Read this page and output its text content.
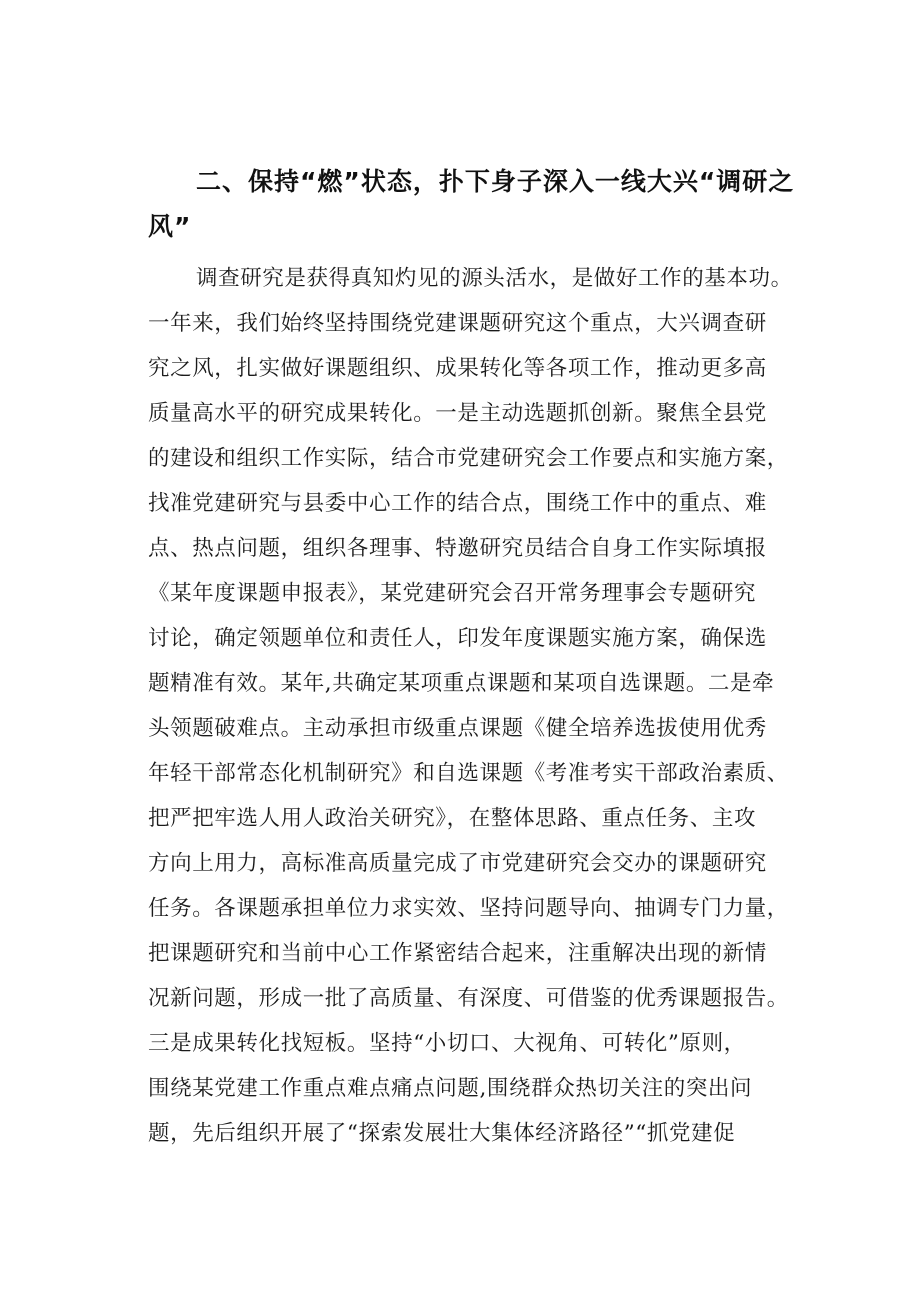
二、保持“燃”状态，扑下身子深入一线大兴“调研之
风”
调查研究是获得真知灼见的源头活水，是做好工作的基本功。
一年来，我们始终坚持围绕党建课题研究这个重点，大兴调查研
究之风，扎实做好课题组织、成果转化等各项工作，推动更多高
质量高水平的研究成果转化。一是主动选题抓创新。聚焦全县党
的建设和组织工作实际，结合市党建研究会工作要点和实施方案，
找准党建研究与县委中心工作的结合点，围绕工作中的重点、难
点、热点问题，组织各理事、特邀研究员结合自身工作实际填报
《某年度课题申报表》，某党建研究会召开常务理事会专题研究
讨论，确定领题单位和责任人，印发年度课题实施方案，确保选
题精准有效。某年,共确定某项重点课题和某项自选课题。二是牵
头领题破难点。主动承担市级重点课题《健全培养选拔使用优秀
年轻干部常态化机制研究》和自选课题《考准考实干部政治素质、
把严把牢选人用人政治关研究》，在整体思路、重点任务、主攻
方向上用力，高标准高质量完成了市党建研究会交办的课题研究
任务。各课题承担单位力求实效、坚持问题导向、抽调专门力量，
把课题研究和当前中心工作紧密结合起来，注重解决出现的新情
况新问题，形成一批了高质量、有深度、可借鉴的优秀课题报告。
三是成果转化找短板。坚持“小切口、大视角、可转化”原则，
围绕某党建工作重点难点痛点问题,围绕群众热切关注的突出问
题，先后组织开展了“探索发展壮大集体经济路径”“抓党建促
